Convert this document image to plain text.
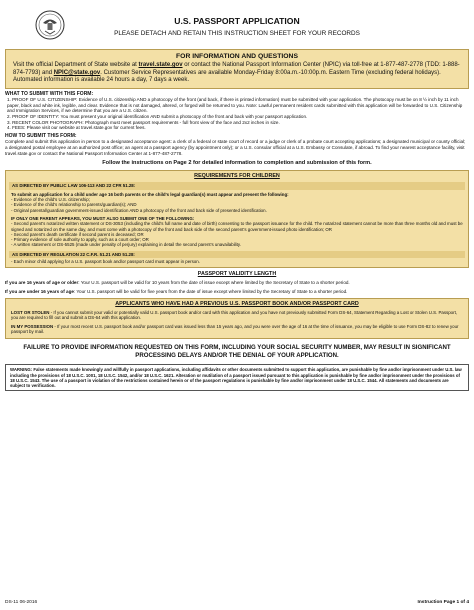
U.S. PASSPORT APPLICATION
PLEASE DETACH AND RETAIN THIS INSTRUCTION SHEET FOR YOUR RECORDS
FOR INFORMATION AND QUESTIONS
Visit the official Department of State website at travel.state.gov or contact the National Passport Information Center (NPIC) via toll-free at 1-877-487-2778 (TDD: 1-888-874-7793) and NPIC@state.gov. Customer Service Representatives are available Monday-Friday 8:00a.m.-10:00p.m. Eastern Time (excluding federal holidays). Automated information is available 24 hours a day, 7 days a week.
WHAT TO SUBMIT WITH THIS FORM:
1. PROOF OF U.S. CITIZENSHIP: Evidence of U.S. citizenship AND a photocopy of the front (and back, if there is printed information) must be submitted with your application. The photocopy must be on 8 ½ inch by 11 inch paper, black and white ink, legible, and clear. Evidence that is not damaged, altered, or forged will be returned to you. Note: Lawful permanent resident cards submitted with this application will be forwarded to U.S. Citizenship and Immigration Services, if we determine that you are a U.S. citizen.
2. PROOF OF IDENTITY: You must present your original identification AND submit a photocopy of the front and back with your passport application.
3. RECENT COLOR PHOTOGRAPH: Photograph must meet passport requirements - full front view of the face and 2x2 inches in size.
4. FEES: Please visit our website at travel.state.gov for current fees.
HOW TO SUBMIT THIS FORM:
Complete and submit this application in person to a designated acceptance agent: a clerk of a federal or state court of record or a judge or clerk of a probate court accepting applications; a designated municipal or county official; a designated postal employee at an authorized post office; an agent at a passport agency (by appointment only); or a U.S. consular official at a U.S. Embassy or Consulate, if abroad. To find your nearest acceptance facility, visit travel.state.gov or contact the National Passport Information Center at 1-877-487-2778.
Follow the instructions on Page 2 for detailed information to completion and submission of this form.
REQUIREMENTS FOR CHILDREN
AS DIRECTED BY PUBLIC LAW 106-113 AND 22 CFR 51.28:
To submit an application for a child under age 16 both parents or the child's legal guardian(s) must appear and present the following:
- Evidence of the child's U.S. citizenship;
- Evidence of the child's relationship to parents/guardian(s); AND
- Original parental/guardian government-issued identification AND a photocopy of the front and back side of presented identification.
IF ONLY ONE PARENT APPEARS, YOU MUST ALSO SUBMIT ONE OF THE FOLLOWING:
- Second parent's notarized written statement or DS-3053 (including the child's full name and date of birth) consenting to the passport issuance for the child. The notarized statement cannot be more than three months old and must be signed and notarized on the same day, and must come with a photocopy of the front and back side of the second parent's government-issued photo identification; OR
- Second parent's death certificate if second parent is deceased; OR
- Primary evidence of sole authority to apply, such as a court order; OR
- A written statement or DS-5525 (made under penalty of perjury) explaining in detail the second parent's unavailability.
AS DIRECTED BY REGULATION 22 C.F.R. 51.21 AND 51.28:
- Each minor child applying for a U.S. passport book and/or passport card must appear in person.
PASSPORT VALIDITY LENGTH

If you are 16 years of age or older: Your U.S. passport will be valid for 10 years from the date of issue except where limited by the Secretary of State to a shorter period.

If you are under 16 years of age: Your U.S. passport will be valid for five years from the date of issue except where limited by the Secretary of State to a shorter period.

APPLICANTS WHO HAVE HAD A PREVIOUS U.S. PASSPORT BOOK AND/OR PASSPORT CARD
LOST OR STOLEN - If you cannot submit your valid or potentially valid U.S. passport book and/or card with this application and you have not previously submitted Form DS-64, Statement Regarding a Lost or Stolen U.S. Passport, you are required to fill out and submit a DS-64 with this application.
IN MY POSSESSION - If your most recent U.S. passport book and/or passport card was issued less than 15 years ago, and you were over the age of 16 at the time of issuance, you may be eligible to use Form DS-82 to renew your passport by mail.
FAILURE TO PROVIDE INFORMATION REQUESTED ON THIS FORM, INCLUDING YOUR SOCIAL SECURITY NUMBER, MAY RESULT IN SIGNIFICANT PROCESSING DELAYS AND/OR THE DENIAL OF YOUR APPLICATION.
WARNING: False statements made knowingly and willfully in passport applications, including affidavits or other documents submitted to support this application, are punishable by fine and/or imprisonment under U.S. law including the provisions of 18 U.S.C. 1001, 18 U.S.C. 1542, and/or 18 U.S.C. 1621. Alteration or mutilation of a passport issued pursuant to this application is punishable by fine and/or imprisonment under the provisions of 18 U.S.C. 1543. The use of a passport in violation of the restrictions contained herein or of the passport regulations is punishable by fine and/or imprisonment under 18 U.S.C. 1544. All statements and documents are subject to verification.
DS-11 06-2016	Instruction Page 1 of 4
